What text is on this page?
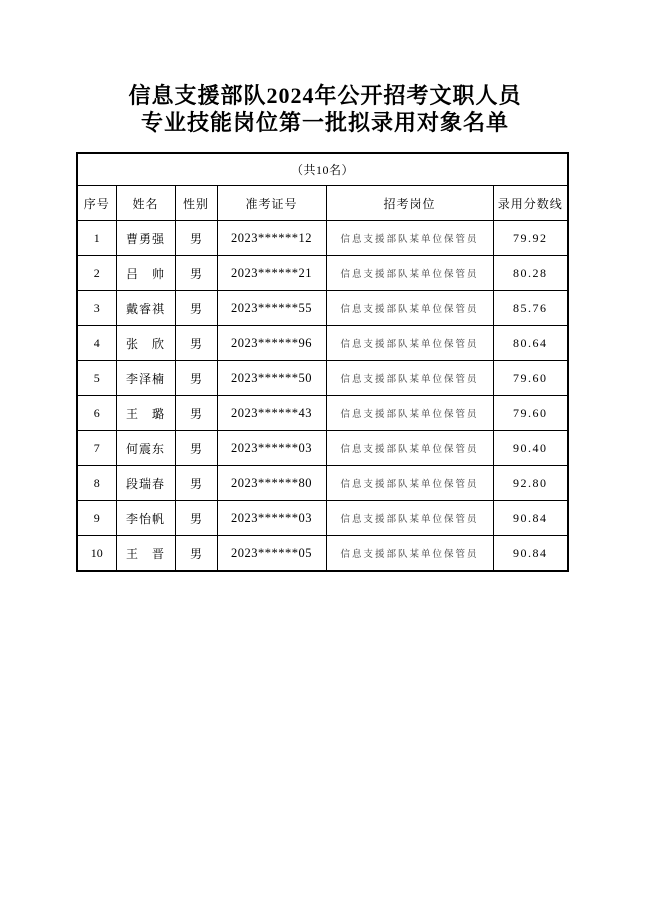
信息支援部队2024年公开招考文职人员
专业技能岗位第一批拟录用对象名单
（共10名）					
序号	姓名	性别	准考证号	招考岗位	录用分数线
1	曹勇强	男	2023******12	信息支援部队某单位保管员	79.92
2	吕　帅	男	2023******21	信息支援部队某单位保管员	80.28
3	戴睿祺	男	2023******55	信息支援部队某单位保管员	85.76
4	张　欣	男	2023******96	信息支援部队某单位保管员	80.64
5	李泽楠	男	2023******50	信息支援部队某单位保管员	79.60
6	王　璐	男	2023******43	信息支援部队某单位保管员	79.60
7	何震东	男	2023******03	信息支援部队某单位保管员	90.40
8	段瑞春	男	2023******80	信息支援部队某单位保管员	92.80
9	李怡帆	男	2023******03	信息支援部队某单位保管员	90.84
10	王　晋	男	2023******05	信息支援部队某单位保管员	90.84
